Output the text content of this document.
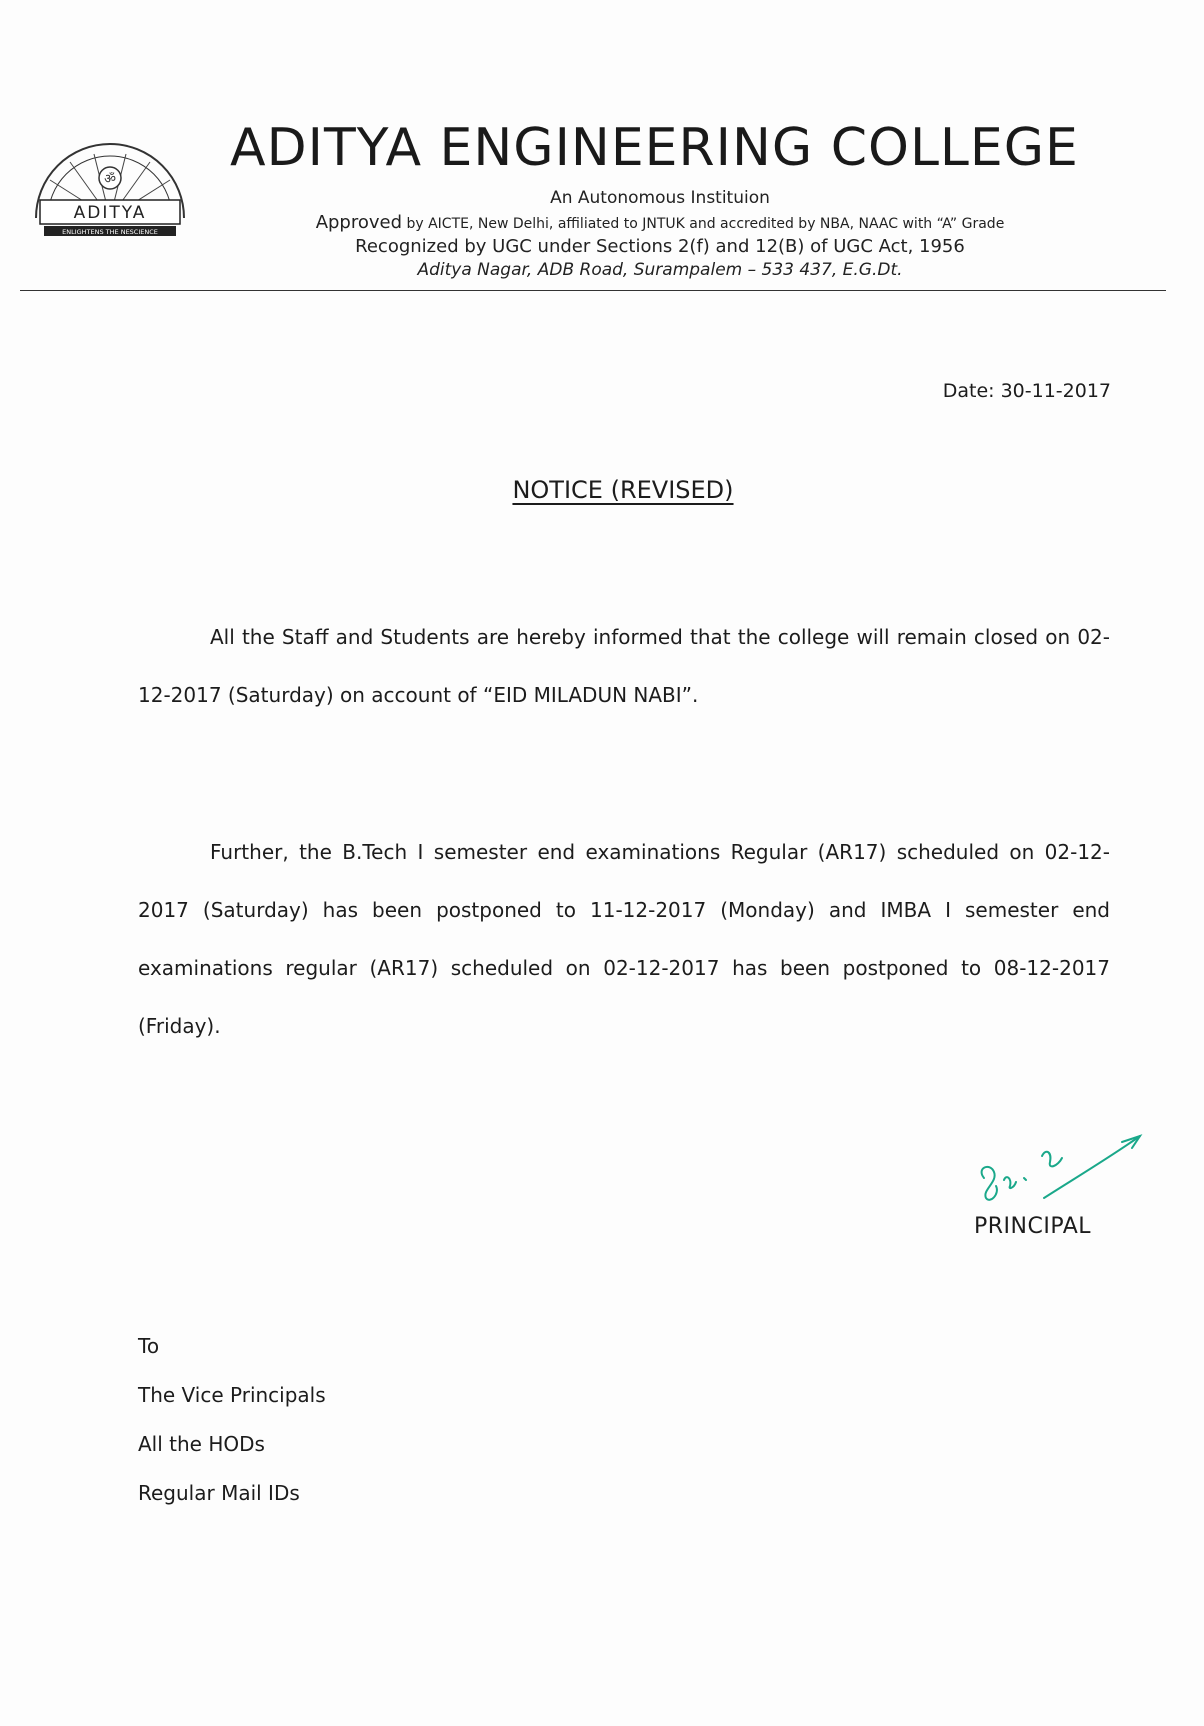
ॐ
ADITYA
ENLIGHTENS THE NESCIENCE
ADITYA ENGINEERING COLLEGE
An Autonomous Instituion
Approved by AICTE, New Delhi, affiliated to JNTUK and accredited by NBA, NAAC with “A” Grade
Recognized by UGC under Sections 2(f) and 12(B) of UGC Act, 1956
Aditya Nagar, ADB Road, Surampalem – 533 437, E.G.Dt.
Date: 30-11-2017
NOTICE (REVISED)

All the Staff and Students are hereby informed that the college will remain closed on 02-12-2017 (Saturday) on account of “EID MILADUN NABI”.

Further, the B.Tech I semester end examinations Regular (AR17) scheduled on 02-12-2017 (Saturday) has been postponed to 11-12-2017 (Monday) and IMBA I semester end examinations regular (AR17) scheduled on 02-12-2017 has been postponed to 08-12-2017 (Friday).

PRINCIPAL
To
The Vice Principals
All the HODs
Regular Mail IDs
